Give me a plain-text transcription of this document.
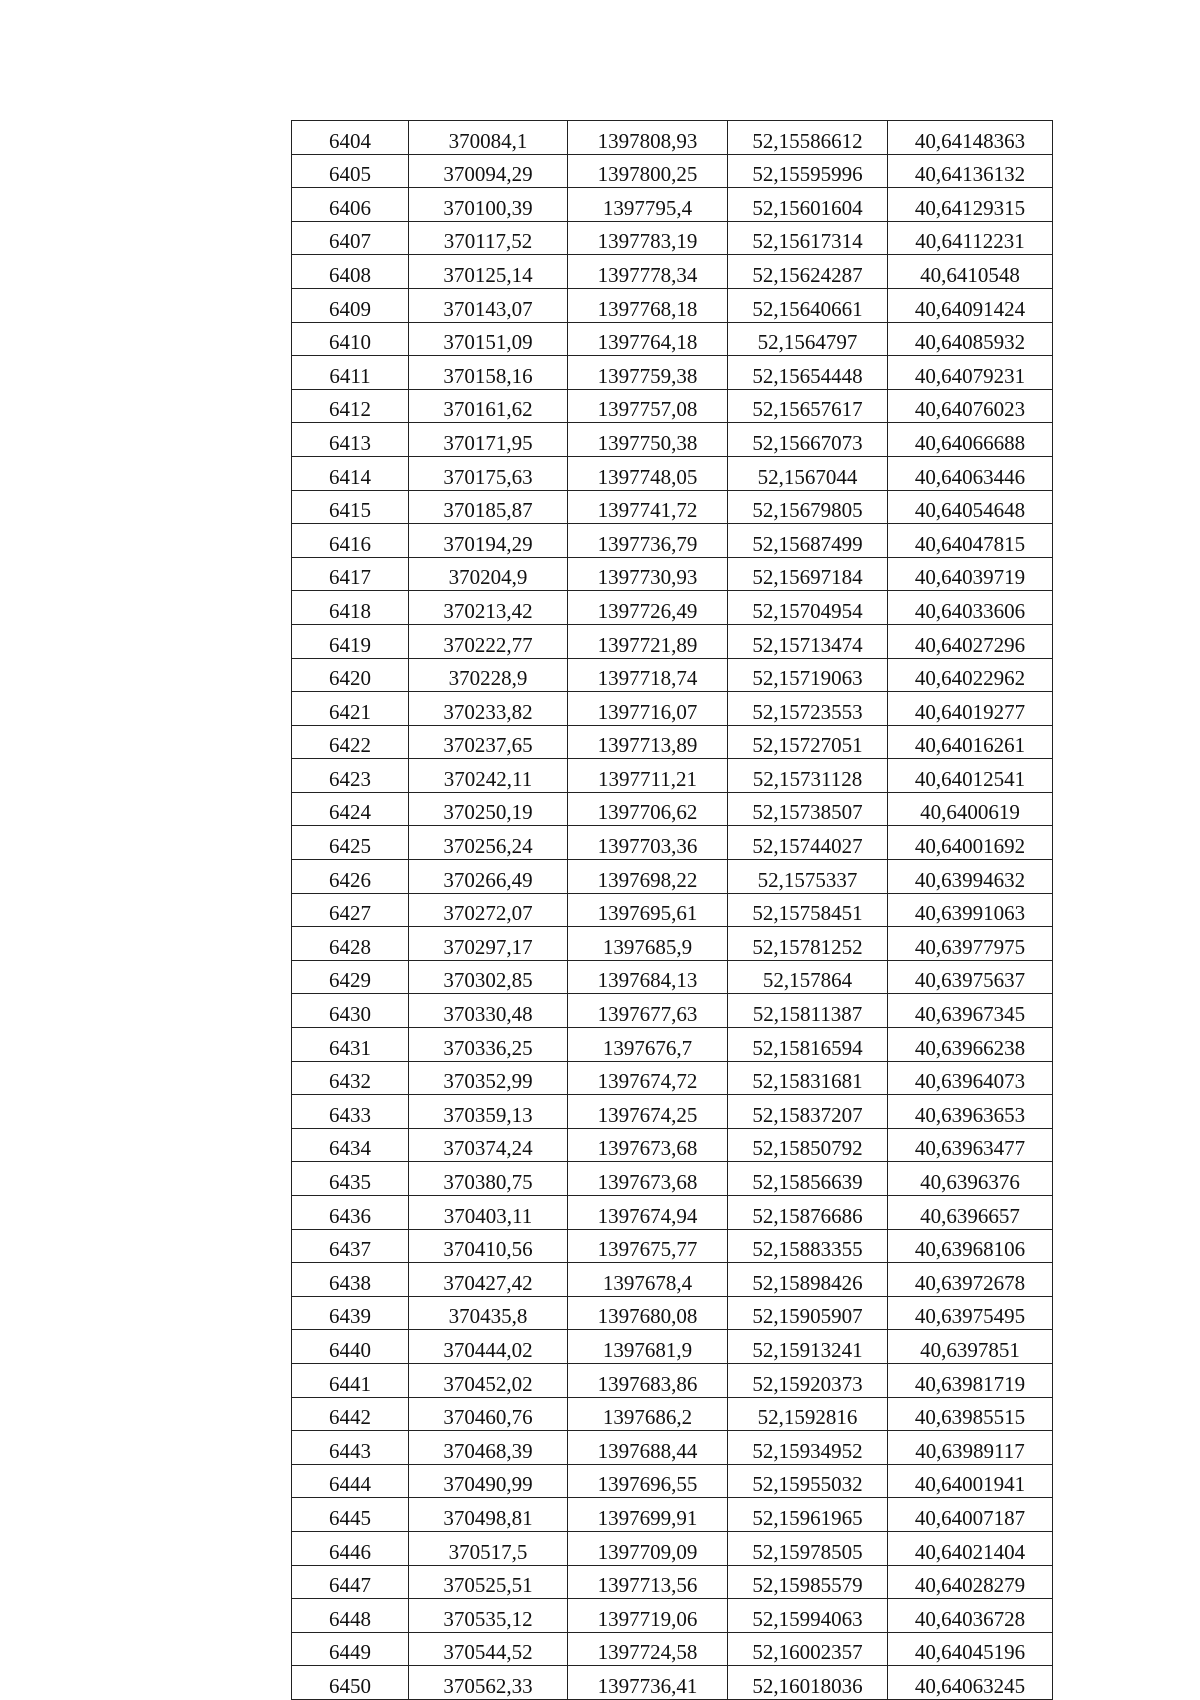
6404	370084,1	1397808,93	52,15586612	40,64148363
6405	370094,29	1397800,25	52,15595996	40,64136132
6406	370100,39	1397795,4	52,15601604	40,64129315
6407	370117,52	1397783,19	52,15617314	40,64112231
6408	370125,14	1397778,34	52,15624287	40,6410548
6409	370143,07	1397768,18	52,15640661	40,64091424
6410	370151,09	1397764,18	52,1564797	40,64085932
6411	370158,16	1397759,38	52,15654448	40,64079231
6412	370161,62	1397757,08	52,15657617	40,64076023
6413	370171,95	1397750,38	52,15667073	40,64066688
6414	370175,63	1397748,05	52,1567044	40,64063446
6415	370185,87	1397741,72	52,15679805	40,64054648
6416	370194,29	1397736,79	52,15687499	40,64047815
6417	370204,9	1397730,93	52,15697184	40,64039719
6418	370213,42	1397726,49	52,15704954	40,64033606
6419	370222,77	1397721,89	52,15713474	40,64027296
6420	370228,9	1397718,74	52,15719063	40,64022962
6421	370233,82	1397716,07	52,15723553	40,64019277
6422	370237,65	1397713,89	52,15727051	40,64016261
6423	370242,11	1397711,21	52,15731128	40,64012541
6424	370250,19	1397706,62	52,15738507	40,6400619
6425	370256,24	1397703,36	52,15744027	40,64001692
6426	370266,49	1397698,22	52,1575337	40,63994632
6427	370272,07	1397695,61	52,15758451	40,63991063
6428	370297,17	1397685,9	52,15781252	40,63977975
6429	370302,85	1397684,13	52,157864	40,63975637
6430	370330,48	1397677,63	52,15811387	40,63967345
6431	370336,25	1397676,7	52,15816594	40,63966238
6432	370352,99	1397674,72	52,15831681	40,63964073
6433	370359,13	1397674,25	52,15837207	40,63963653
6434	370374,24	1397673,68	52,15850792	40,63963477
6435	370380,75	1397673,68	52,15856639	40,6396376
6436	370403,11	1397674,94	52,15876686	40,6396657
6437	370410,56	1397675,77	52,15883355	40,63968106
6438	370427,42	1397678,4	52,15898426	40,63972678
6439	370435,8	1397680,08	52,15905907	40,63975495
6440	370444,02	1397681,9	52,15913241	40,6397851
6441	370452,02	1397683,86	52,15920373	40,63981719
6442	370460,76	1397686,2	52,1592816	40,63985515
6443	370468,39	1397688,44	52,15934952	40,63989117
6444	370490,99	1397696,55	52,15955032	40,64001941
6445	370498,81	1397699,91	52,15961965	40,64007187
6446	370517,5	1397709,09	52,15978505	40,64021404
6447	370525,51	1397713,56	52,15985579	40,64028279
6448	370535,12	1397719,06	52,15994063	40,64036728
6449	370544,52	1397724,58	52,16002357	40,64045196
6450	370562,33	1397736,41	52,16018036	40,64063245
